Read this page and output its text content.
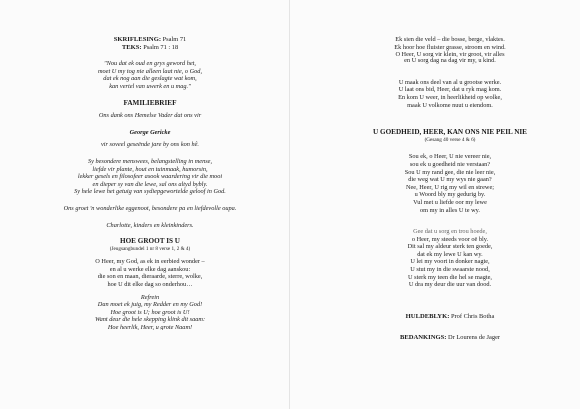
SKRIFLESING: Psalm 71
TEKS: Psalm 71 : 18
"Nou dat ek oud en grys geword het,
moet U my tog nie alleen laat nie, o God,
dat ek nog aan die geslagte wat kom,
kan vertel van uwerk en u mag."
FAMILIEBRIEF
Ons dank ons Hemelse Vader dat ons vir
George Gericke
vir soveel geseënde jare by ons kon hê.
Sy besondere menswees, belangstelling in mense,
liefde vir plante, hout en tuinmaak, humorsin,
lekker gesels en filosofeer asook waardering vir die mooi
en dieper sy van die lewe, sal ons altyd bybly.
Sy hele lewe het getuig van sydiepgewortelde geloof in God.
Ons groet 'n wonderlike eggenoot, besondere pa en liefdevolle oupa.
Charlotte, kinders en kleinkinders.
HOE GROOT IS U
(Jeugsangbundel 1 nr 8 verse 1, 2 & 4)
O Heer, my God, as ek in eerbied wonder –
en al u werke elke dag aanskou:
die son en maan, dieraarde, sterre, wolke,
hoe U dit elke dag so onderhou…
Refrein
Dan moet ek juig, my Redder en my God!
Hoe groot is U; hoe groot is U!
Want deur die hele skepping klink dit saam:
Hoe heerlik, Heer, u grote Naam!
Ek sien die veld – die bosse, berge, vlaktes.
Ek hoor hoe fluister grasse, stroom en wind.
O Heer, U sorg vir klein, vir groot, vir alles
en U sorg dag na dag vir my, u kind.
U maak ons deel van al u grootse werke.
U laat ons bid, Heer, dat u ryk mag kom.
En kom U weer, in heerlikheid op wolke,
maak U volkome nuut u eiendom.
U GOEDHEID, HEER, KAN ONS NIE PEIL NIE
(Gesang 40 verse 4 & 6)
Sou ek, o Heer, U nie vereer nie,
sou ek u goedheid nie verstaan?
Sou U my rand gee, die nie leer nie,
die weg wat U my wys nie gaan?
Nee, Heer, U rig my wil en strewe;
u Woord bly my gedurig by.
Vul met u liefde oor my lewe
om my in alles U te wy.
Gee dat u sorg en trou hoede,
o Heer, my steeds voor oë bly.
Dit sal my aldeur sterk ten goede,
dat ek my lewe U kan wy.
U lei my voort in donker nagte,
U stut my in die swaarste nood,
U sterk my teen die hel se magte,
U dra my deur die uur van dood.
HULDEBLYK: Prof Chris Botha
BEDANKINGS: Dr Lourens de Jager
